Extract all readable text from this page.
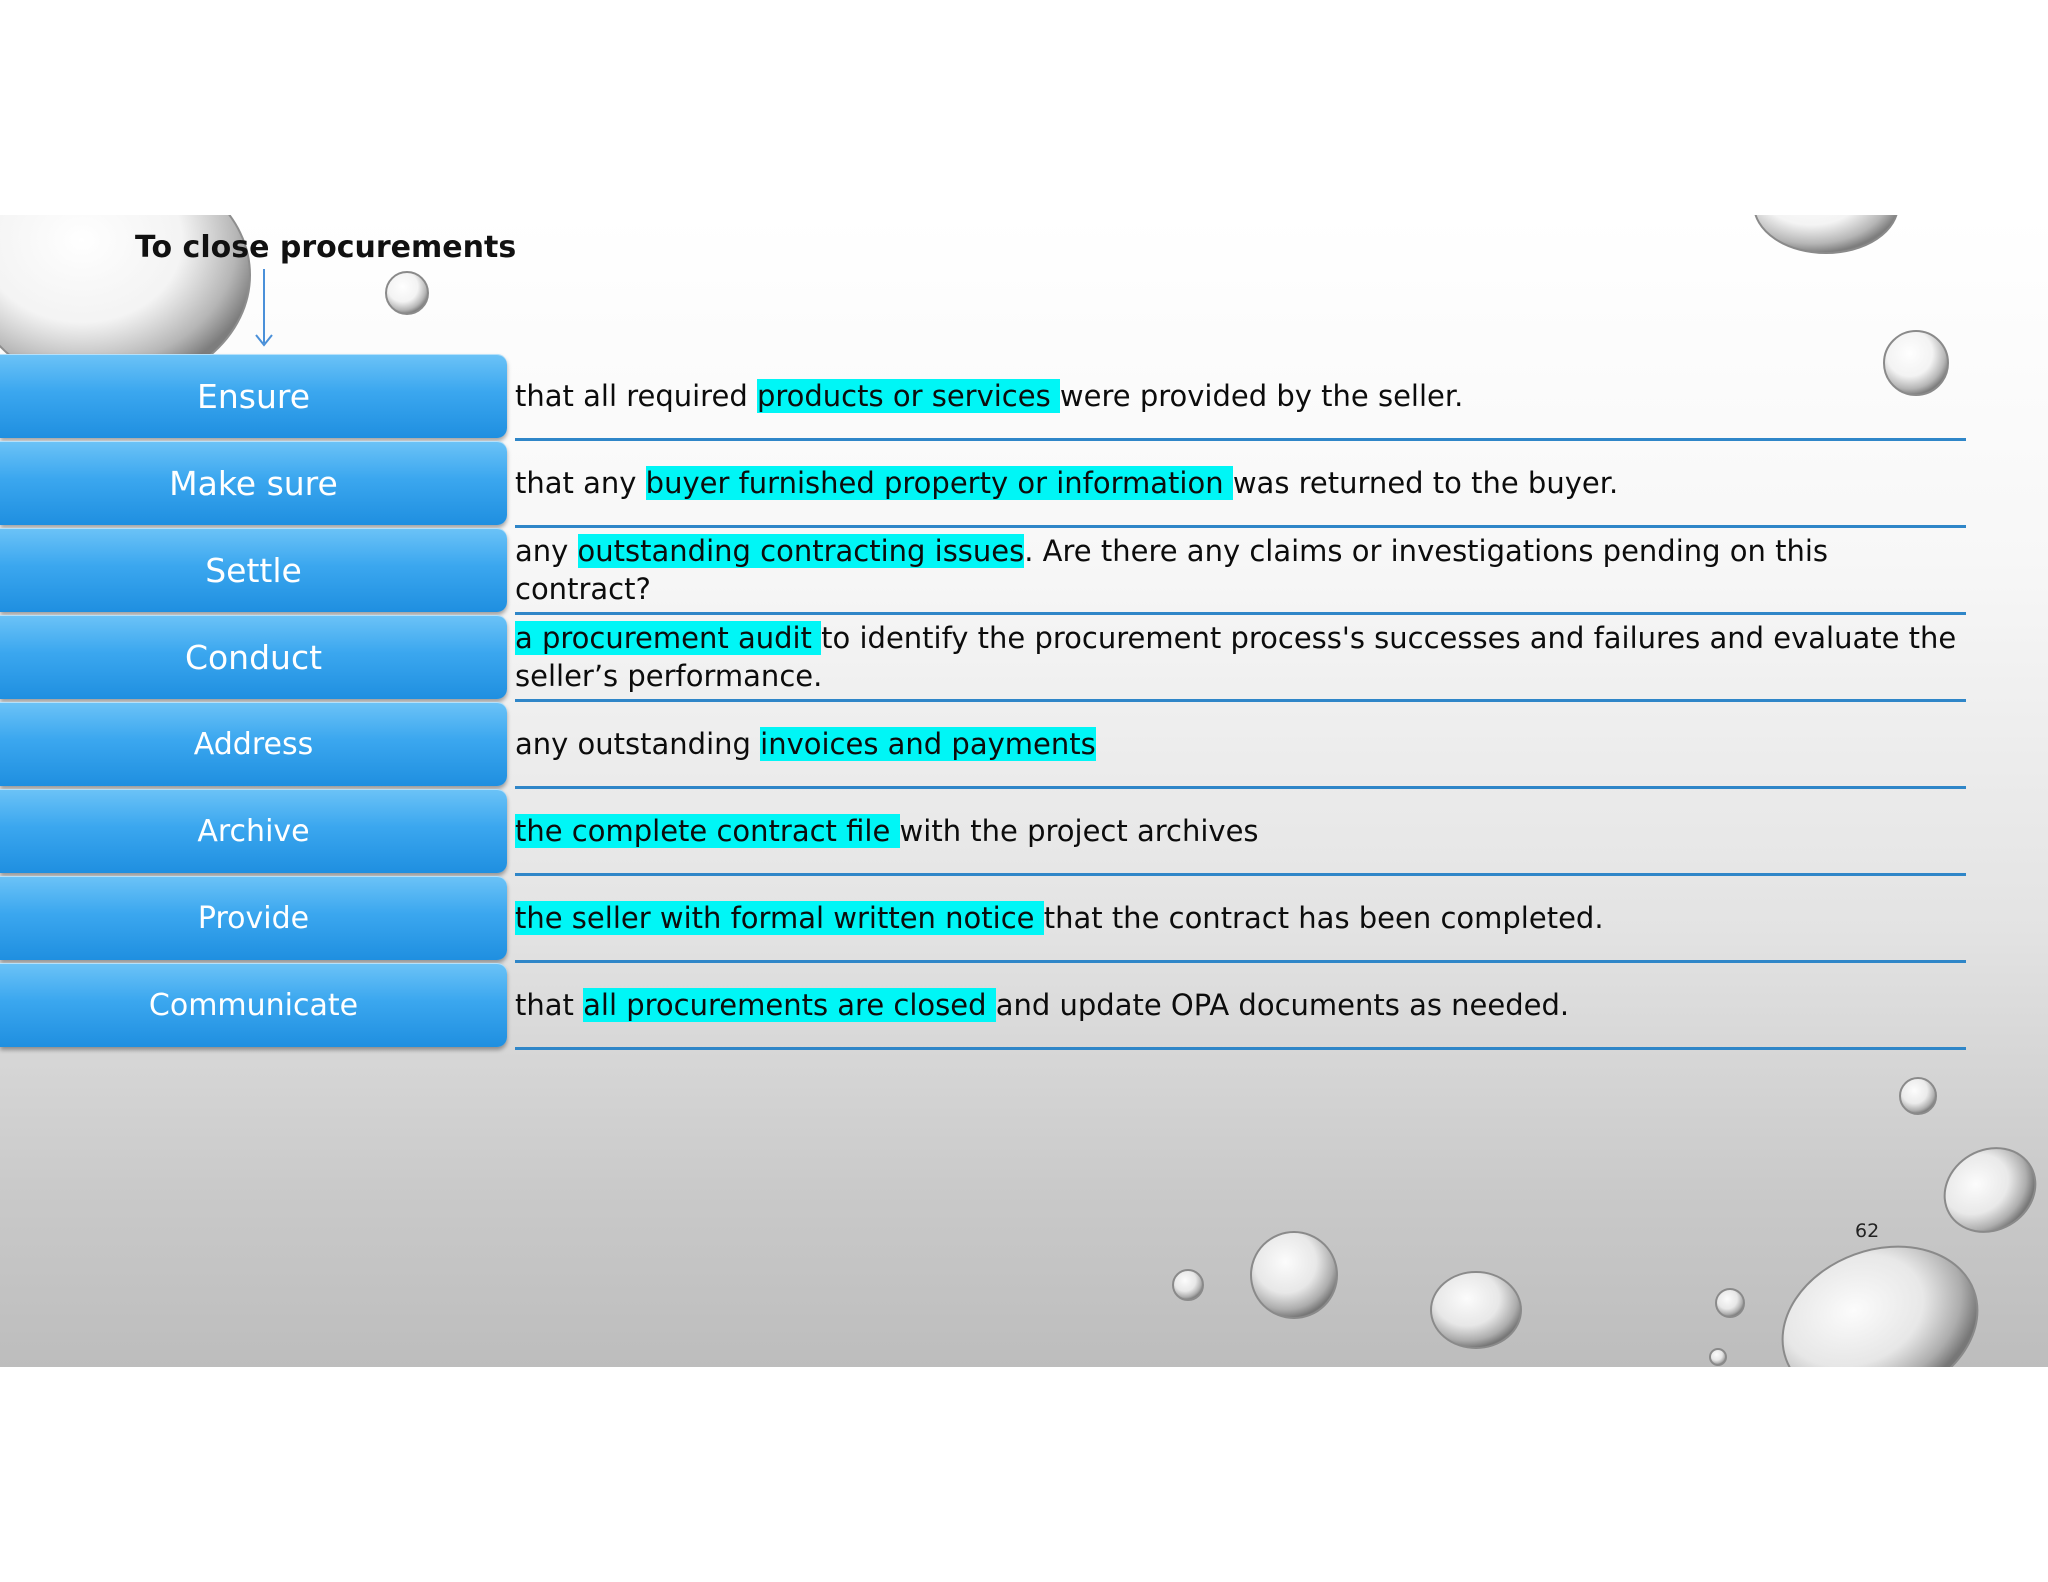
To close procurements
Ensure	that all required products or services were provided by the seller.
Make sure	that any buyer furnished property or information was returned to the buyer.
Settle	any outstanding contracting issues. Are there any claims or investigations pending on this contract?
Conduct	a procurement audit to identify the procurement process's successes and failures and evaluate the seller’s performance.
Address	any outstanding invoices and payments
Archive	the complete contract file with the project archives
Provide	the seller with formal written notice that the contract has been completed.
Communicate	that all procurements are closed and update OPA documents as needed.
62
